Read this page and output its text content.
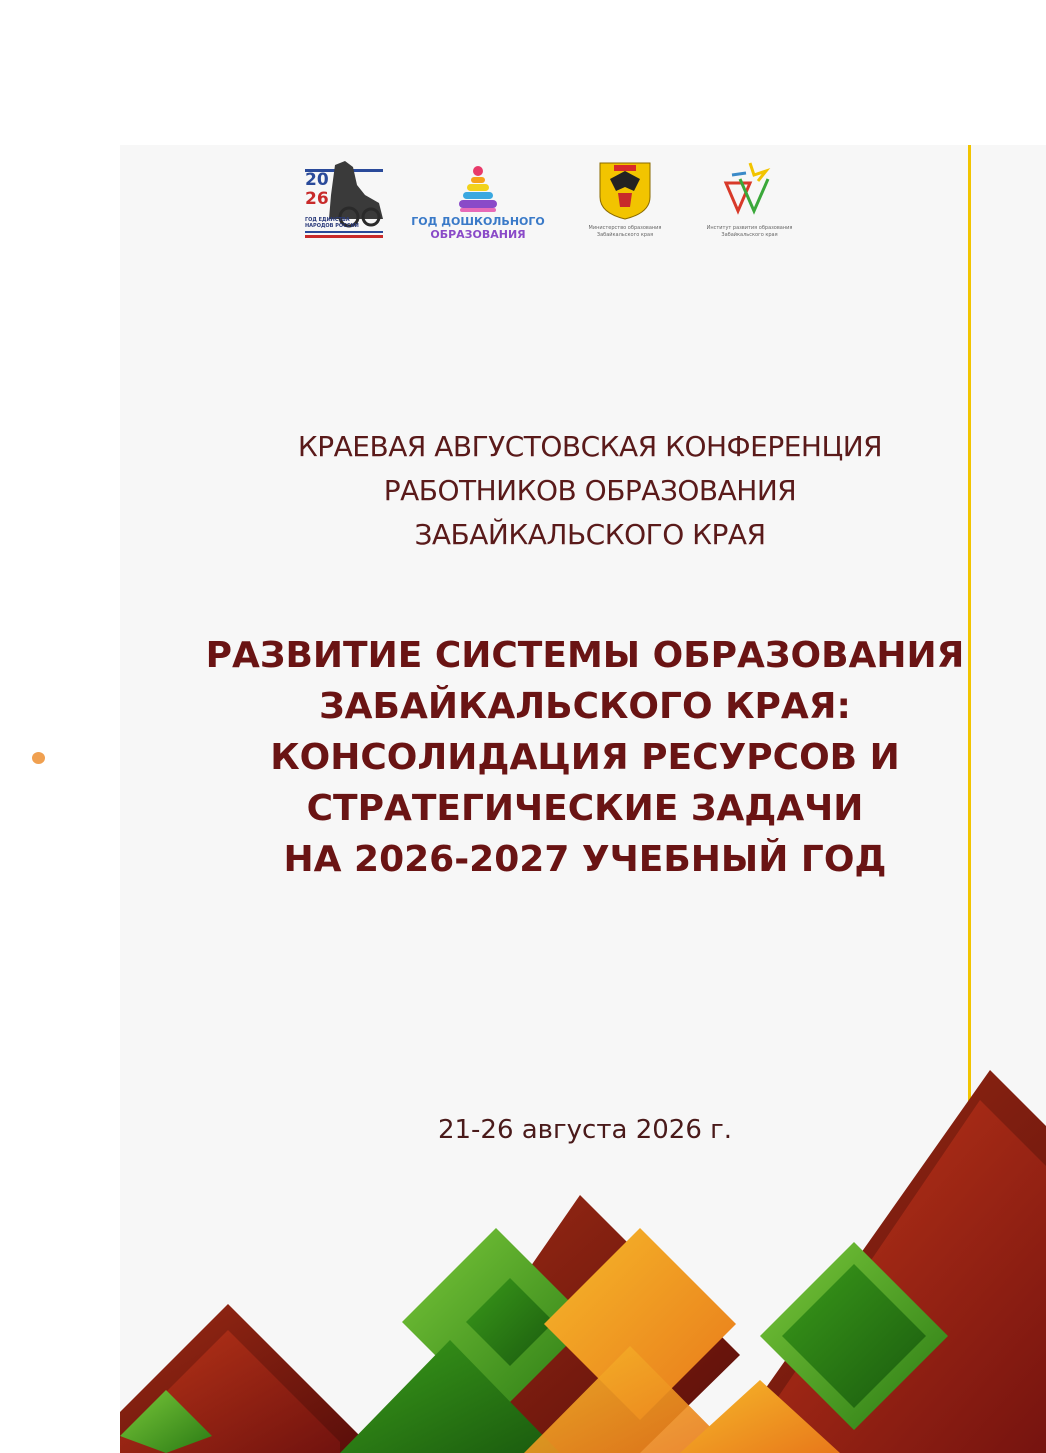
20
26
ГОД ЕДИНСТВА НАРОДОВ РОССИИ	ГОД ДОШКОЛЬНОГО
ОБРАЗОВАНИЯ	Министерство образования
Забайкальского края
Институт развития образования
Забайкальского края
КРАЕВАЯ АВГУСТОВСКАЯ КОНФЕРЕНЦИЯ
РАБОТНИКОВ ОБРАЗОВАНИЯ
ЗАБАЙКАЛЬСКОГО КРАЯ
РАЗВИТИЕ СИСТЕМЫ ОБРАЗОВАНИЯ
ЗАБАЙКАЛЬСКОГО КРАЯ:
КОНСОЛИДАЦИЯ РЕСУРСОВ И
СТРАТЕГИЧЕСКИЕ ЗАДАЧИ
НА 2026-2027 УЧЕБНЫЙ ГОД
21-26 августа 2026 г.
